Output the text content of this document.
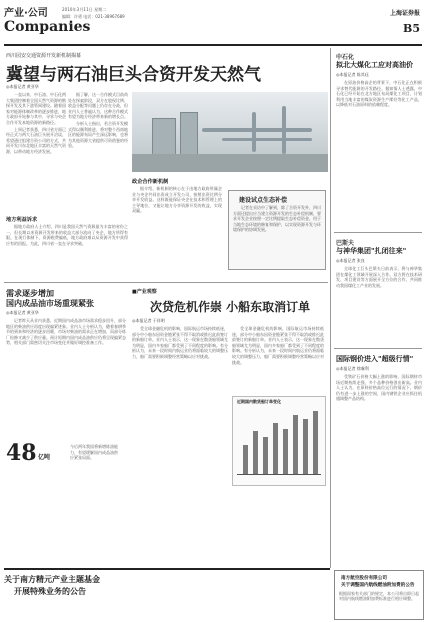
产业·公司	2010年3月11日 星期二
编辑：许勇 电话：021-38967689
Companies
上海证券报
B5
西川园安交通资源开发新机制揭幕
冀望与两石油巨头合资开发天然气
◎本报记者 黄亚华

一直以来，中石油、中石化两大集团控制着全国天然气资源的勘探开发及其下游管网建设。随着国家对能源体制改革的逐步推进，地方政府开始参与其中，寻求与央企合作开发本地资源的新路径。

上周记者获悉，四川省方面已经正式与两大石油巨头展开洽谈，希望通过组建合资公司的方式，共同开发川东北地区丰富的天然气资源，以带动地方经济发展。

据了解，这一合作模式目前尚处在探索阶段，双方在股权比例、收益分配等问题上仍存在分歧，但业内人士普遍认为，这种合作模式有望为地方经济带来新的增长点。

分析人士指出，若合资开发模式得以顺利推进，将对整个西南地区的能源布局产生深远影响，也将为其他资源大省提供可资借鉴的经验。

地方利益诉求

据地方政府人士介绍，四川是我国天然气资源最为丰富的省份之一，但长期以来资源开发带来的收益大部分流向了央企，地方所得有限。在现行体制下，资源税费偏低，地方政府难以从资源开发中获得应有的回报。为此，四川省一直在寻求突破。

政企合作新机制

据介绍，新机制的核心在于由地方政府所属企业与央企共同出资成立开发公司，按照出资比例分享开发收益。这样既能保证央企在技术和管理上的主导地位，又能让地方分享资源开发的收益，实现双赢。

建设试点生态补偿
记者在采访中了解到，除了合资开发外，四川方面还提出应当建立资源开发的生态补偿机制，要求开发企业按照一定比例提取生态补偿资金，用于当地生态环境的修复和保护，以实现资源开发与环境保护的协调发展。
需求逐步增加
国内成品油市场重现紧张
◎本报记者 黄亚华

记者昨天从业内获悉，近期国内成品油市场需求稳步回升，部分地区的柴油供应再度出现偏紧迹象。业内人士分析认为，随着春耕季节的到来和经济的逐步回暖，市场对柴油的需求正在增加，而部分炼厂检修又减少了供应量。预计短期内国内成品油供应仍将呈现偏紧态势，相关部门需密切关注市场变化并做好调控准备工作。

48 亿吨
今后两年我国将新增炼油能力，有望缓解国内成品油供应紧张局面。
■产业观察
次贷危机作崇 小船东取消订单
◎本报记者 于祥明

受全球金融危机的影响，国际航运市场持续低迷，部分中小船东因资金链紧张不得不取消或推迟此前签订的新船订单。业内人士表示，这一现象在散货船领域尤为明显，国内多家船厂都受到了不同程度的影响。有分析认为，未来一段时间内航运业仍将面临较大的调整压力，船厂需要积极调整经营策略以应对挑战。

受全球金融危机的影响，国际航运市场持续低迷，部分中小船东因资金链紧张不得不取消或推迟此前签订的新船订单。业内人士表示，这一现象在散货船领域尤为明显，国内多家船厂都受到了不同程度的影响。有分析认为，未来一段时间内航运业仍将面临较大的调整压力，船厂需要积极调整经营策略以应对挑战。

近期国内散货船订单变化
中石化
拟北大煤化工应对高油价
◎本报记者 陈其珏

在原油价格高企的背景下，中石化正在积极寻求替代能源的开发路径。据知情人士透露，中石化已经开始在北方地区布局煤化工项目，计划利用当地丰富的煤炭资源生产烯烃等化工产品，以降低对石油原料的依赖程度。

巴斯夫
与神华集团"扎闭往来"
◎本报记者 张良

全球化工巨头巴斯夫日前表示，将与神华集团在煤化工领域开展深入合作。双方将在技术研发、项目建设等方面展开全方位的合作，共同推动我国煤化工产业的发展。

国际钢价进入"超级行情"
◎本报记者 徐虞利

受铁矿石价格大幅上涨的影响，国际钢材市场近期持续走强，多个品种价格创出新高。业内人士认为，在原料价格高位运行的情况下，钢价仍有进一步上涨的空间，国内钢铁企业应抓住机遇调整产品结构。

南方航空股份有限公司
关于调整国内航线燃油附加费的公告
根据国家有关部门的规定，本公司将自即日起对国内航线燃油附加费标准进行相应调整。
关于南方精元产业主题基金
开展特殊业务的公告
